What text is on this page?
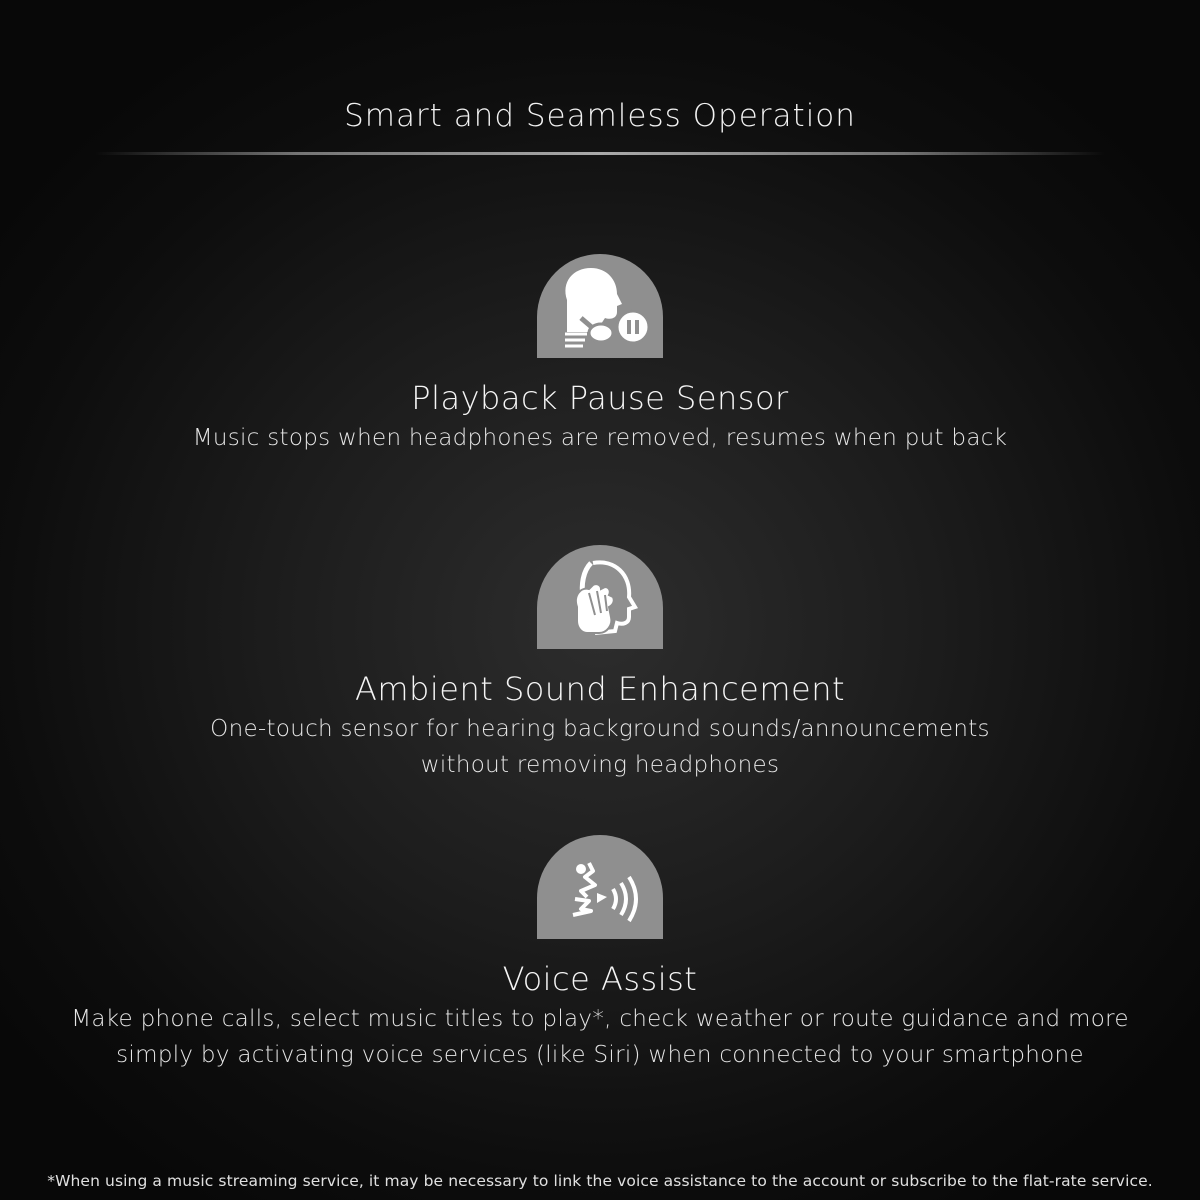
Smart and Seamless Operation
Playback Pause Sensor
Music stops when headphones are removed, resumes when put back
Ambient Sound Enhancement
One-touch sensor for hearing background sounds/announcements
without removing headphones
Voice Assist
Make phone calls, select music titles to play*, check weather or route guidance and more
simply by activating voice services (like Siri) when connected to your smartphone
*When using a music streaming service, it may be necessary to link the voice assistance to the account or subscribe to the flat-rate service.
